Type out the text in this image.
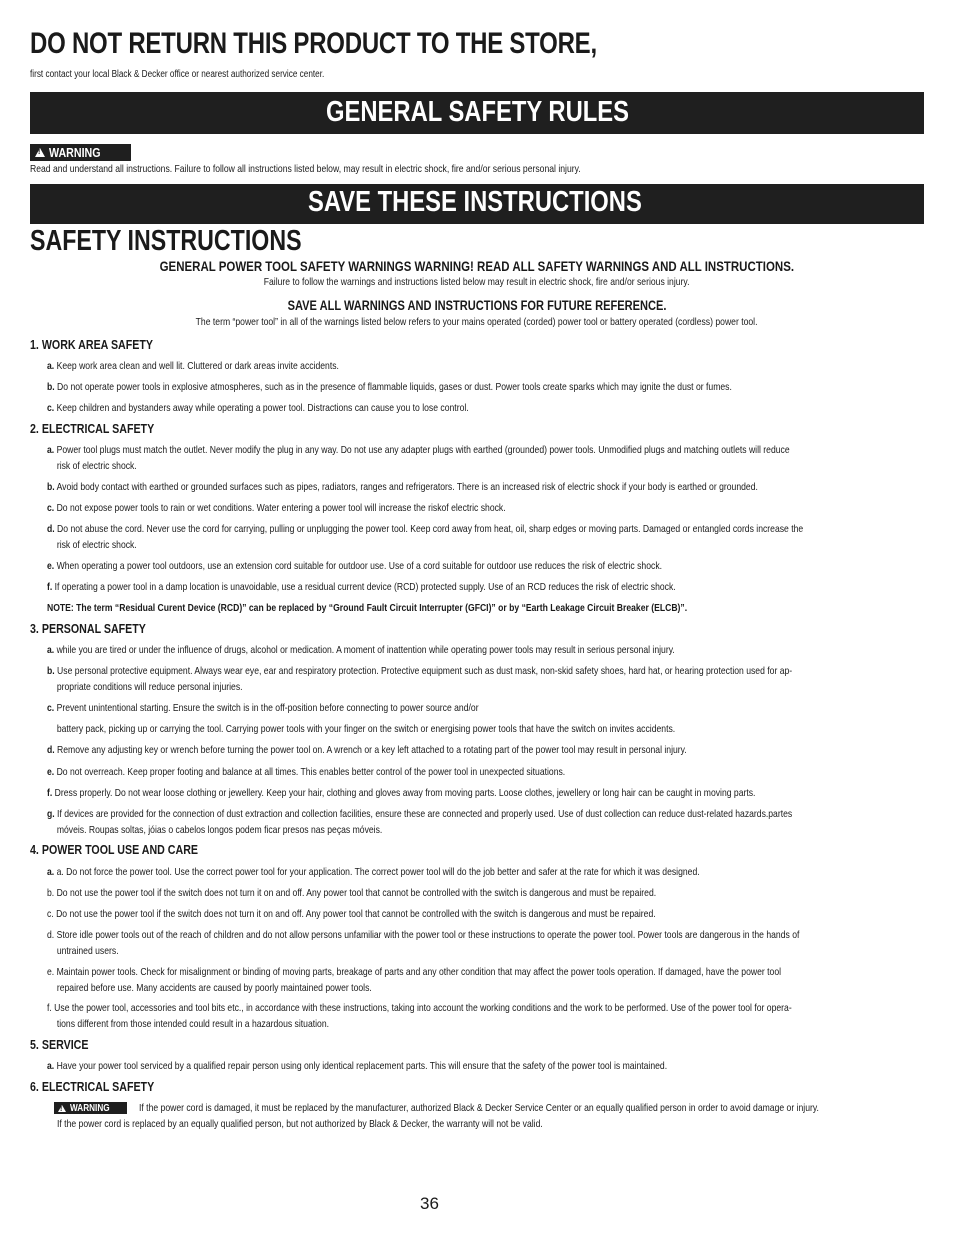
DO NOT RETURN THIS PRODUCT TO THE STORE,
first contact your local Black & Decker office or nearest authorized service center.
GENERAL SAFETY RULES
!
WARNING
Read and understand all instructions. Failure to follow all instructions listed below, may result in electric shock, fire and/or serious personal injury.
SAVE THESE INSTRUCTIONS
SAFETY INSTRUCTIONS
GENERAL POWER TOOL SAFETY WARNINGS WARNING! READ ALL SAFETY WARNINGS AND ALL INSTRUCTIONS.
Failure to follow the warnings and instructions listed below may result in electric shock, fire and/or serious injury.
SAVE ALL WARNINGS AND INSTRUCTIONS FOR FUTURE REFERENCE.
The term “power tool” in all of the warnings listed below refers to your mains operated (corded) power tool or battery operated (cordless) power tool.
1. WORK AREA SAFETY
a. Keep work area clean and well lit. Cluttered or dark areas invite accidents.
b. Do not operate power tools in explosive atmospheres, such as in the presence of flammable liquids, gases or dust. Power tools create sparks which may ignite the dust or fumes.
c. Keep children and bystanders away while operating a power tool. Distractions can cause you to lose control.
2. ELECTRICAL SAFETY
a. Power tool plugs must match the outlet. Never modify the plug in any way. Do not use any adapter plugs with earthed (grounded) power tools. Unmodified plugs and matching outlets will reduce
risk of electric shock.
b. Avoid body contact with earthed or grounded surfaces such as pipes, radiators, ranges and refrigerators. There is an increased risk of electric shock if your body is earthed or grounded.
c. Do not expose power tools to rain or wet conditions. Water entering a power tool will increase the riskof electric shock.
d. Do not abuse the cord. Never use the cord for carrying, pulling or unplugging the power tool. Keep cord away from heat, oil, sharp edges or moving parts. Damaged or entangled cords increase the
risk of electric shock.
e. When operating a power tool outdoors, use an extension cord suitable for outdoor use. Use of a cord suitable for outdoor use reduces the risk of electric shock.
f. If operating a power tool in a damp location is unavoidable, use a residual current device (RCD) protected supply. Use of an RCD reduces the risk of electric shock.
NOTE: The term “Residual Curent Device (RCD)” can be replaced by “Ground Fault Circuit Interrupter (GFCI)” or by “Earth Leakage Circuit Breaker (ELCB)”.
3. PERSONAL SAFETY
a. while you are tired or under the influence of drugs, alcohol or medication. A moment of inattention while operating power tools may result in serious personal injury.
b. Use personal protective equipment. Always wear eye, ear and respiratory protection. Protective equipment such as dust mask, non-skid safety shoes, hard hat, or hearing protection used for ap-
propriate conditions will reduce personal injuries.
c. Prevent unintentional starting. Ensure the switch is in the off-position before connecting to power source and/or
battery pack, picking up or carrying the tool. Carrying power tools with your finger on the switch or energising power tools that have the switch on invites accidents.
d. Remove any adjusting key or wrench before turning the power tool on. A wrench or a key left attached to a rotating part of the power tool may result in personal injury.
e. Do not overreach. Keep proper footing and balance at all times. This enables better control of the power tool in unexpected situations.
f. Dress properly. Do not wear loose clothing or jewellery. Keep your hair, clothing and gloves away from moving parts. Loose clothes, jewellery or long hair can be caught in moving parts.
g. If devices are provided for the connection of dust extraction and collection facilities, ensure these are connected and properly used. Use of dust collection can reduce dust-related hazards.partes
móveis. Roupas soltas, jóias o cabelos longos podem ficar presos nas peças móveis.
4. POWER TOOL USE AND CARE
a. a. Do not force the power tool. Use the correct power tool for your application. The correct power tool will do the job better and safer at the rate for which it was designed.
b. Do not use the power tool if the switch does not turn it on and off. Any power tool that cannot be controlled with the switch is dangerous and must be repaired.
c. Do not use the power tool if the switch does not turn it on and off. Any power tool that cannot be controlled with the switch is dangerous and must be repaired.
d. Store idle power tools out of the reach of children and do not allow persons unfamiliar with the power tool or these instructions to operate the power tool. Power tools are dangerous in the hands of
untrained users.
e. Maintain power tools. Check for misalignment or binding of moving parts, breakage of parts and any other condition that may affect the power tools operation. If damaged, have the power tool
repaired before use. Many accidents are caused by poorly maintained power tools.
f. Use the power tool, accessories and tool bits etc., in accordance with these instructions, taking into account the working conditions and the work to be performed. Use of the power tool for opera-
tions different from those intended could result in a hazardous situation.
5. SERVICE
a. Have your power tool serviced by a qualified repair person using only identical replacement parts. This will ensure that the safety of the power tool is maintained.
6. ELECTRICAL SAFETY
!
WARNING	If the power cord is damaged, it must be replaced by the manufacturer, authorized Black & Decker Service Center or an equally qualified person in order to avoid damage or injury.
If the power cord is replaced by an equally qualified person, but not authorized by Black & Decker, the warranty will not be valid.
36
